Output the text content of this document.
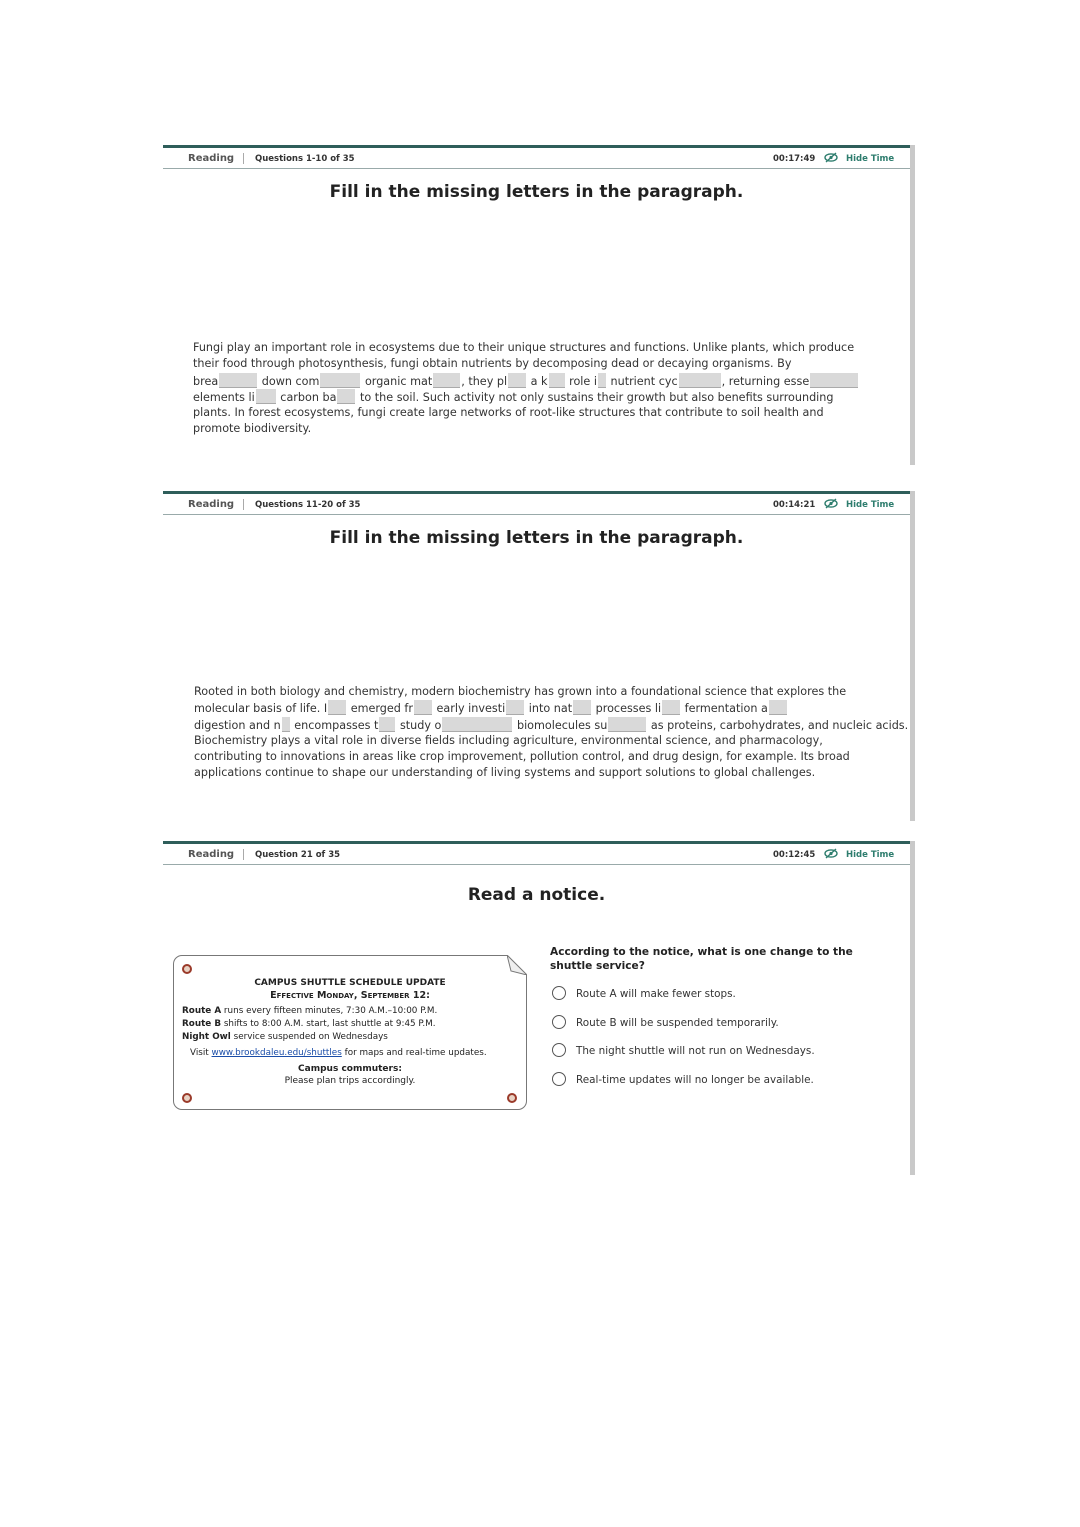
Reading Questions 1-10 of 35	00:17:49	Hide Time
Fill in the missing letters in the paragraph.
Fungi play an important role in ecosystems due to their unique structures and functions. Unlike plants, which produce
their food through photosynthesis, fungi obtain nutrients by decomposing dead or decaying organisms. By
brea	down com	organic mat	, they pl a k role i nutrient cyc	, returning esse
elements li carbon ba to the soil. Such activity not only sustains their growth but also benefits surrounding
plants. In forest ecosystems, fungi create large networks of root-like structures that contribute to soil health and
promote biodiversity.
Reading Questions 11-20 of 35	00:14:21	Hide Time
Fill in the missing letters in the paragraph.
Rooted in both biology and chemistry, modern biochemistry has grown into a foundational science that explores the
molecular basis of life. I emerged fr early investi into nat processes li fermentation a
digestion and n encompasses t study o	biomolecules su	as proteins, carbohydrates, and nucleic acids.
Biochemistry plays a vital role in diverse fields including agriculture, environmental science, and pharmacology,
contributing to innovations in areas like crop improvement, pollution control, and drug design, for example. Its broad
applications continue to shape our understanding of living systems and support solutions to global challenges.
Reading Question 21 of 35	00:12:45	Hide Time
Read a notice.
CAMPUS SHUTTLE SCHEDULE UPDATE
Effective Monday, September 12:
Route A runs every fifteen minutes, 7:30 A.M.–10:00 P.M.
Route B shifts to 8:00 A.M. start, last shuttle at 9:45 P.M.
Night Owl service suspended on Wednesdays
Visit www.brookdaleu.edu/shuttles for maps and real-time updates.
Campus commuters:
Please plan trips accordingly.
According to the notice, what is one change to the shuttle service?
Route A will make fewer stops.
Route B will be suspended temporarily.
The night shuttle will not run on Wednesdays.
Real-time updates will no longer be available.
